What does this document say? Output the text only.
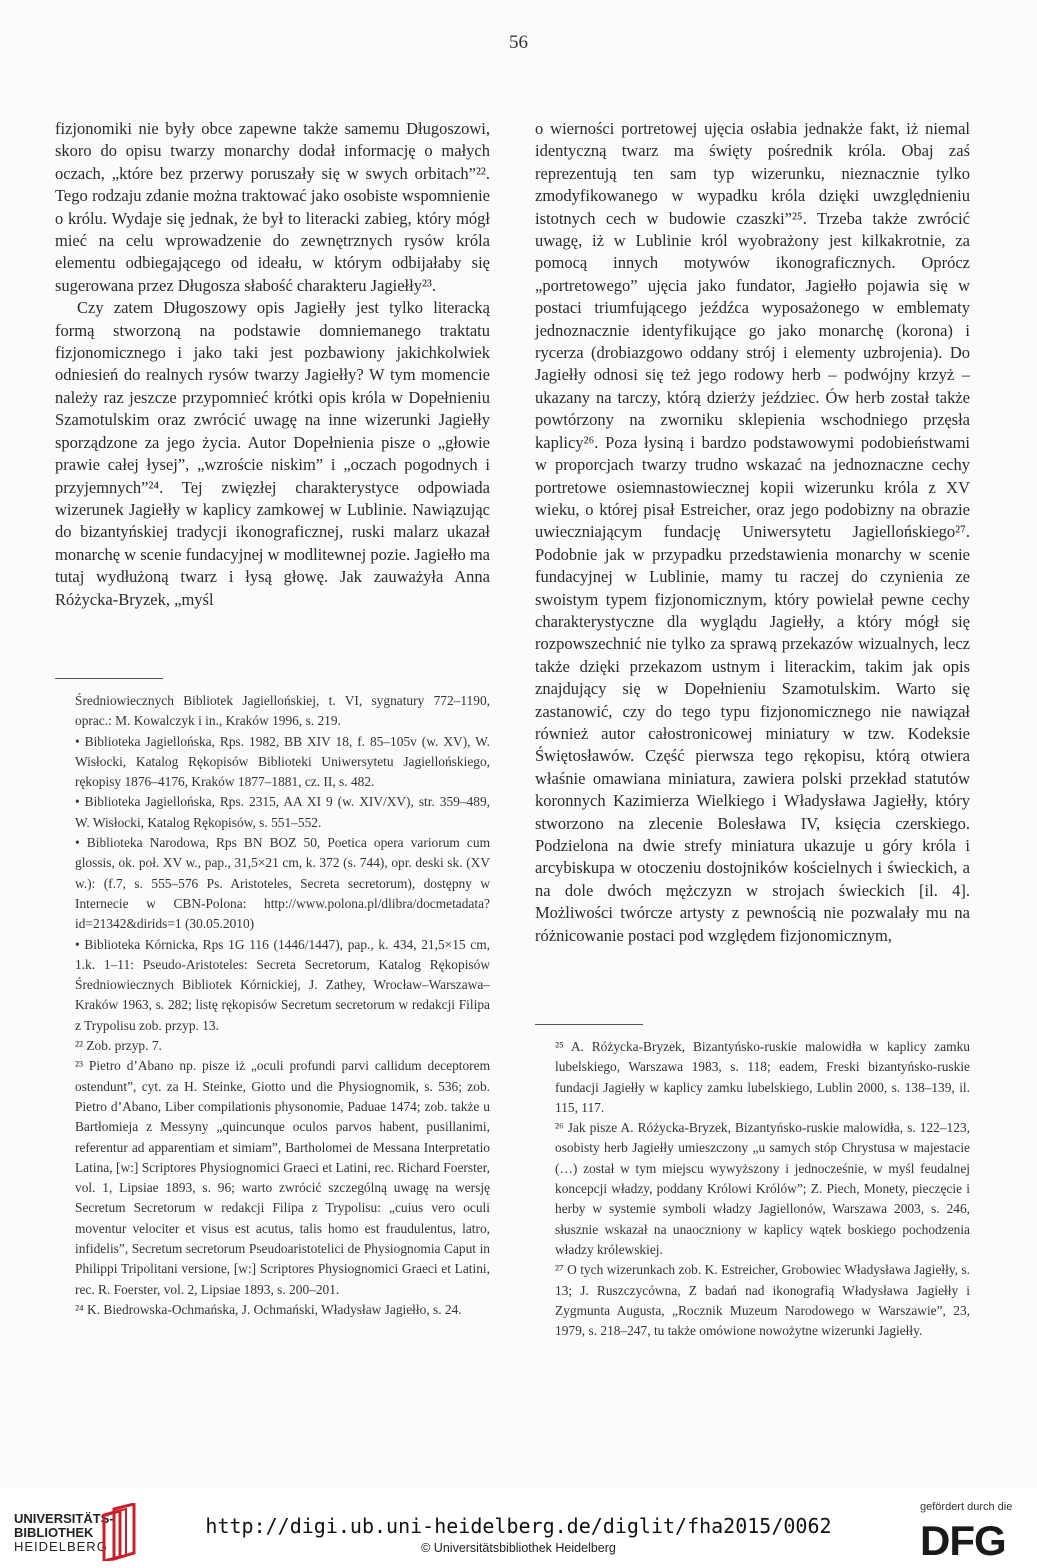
56

fizjonomiki nie były obce zapewne także samemu Długoszowi, skoro do opisu twarzy monarchy dodał informację o małych oczach, „które bez przerwy poruszały się w swych orbitach”²². Tego rodzaju zdanie można traktować jako osobiste wspomnienie o królu. Wydaje się jednak, że był to literacki zabieg, który mógł mieć na celu wprowadzenie do zewnętrznych rysów króla elementu odbiegającego od ideału, w którym odbijałaby się sugerowana przez Długosza słabość charakteru Jagiełły²³.

Czy zatem Długoszowy opis Jagiełły jest tylko literacką formą stworzoną na podstawie domniemanego traktatu fizjonomicznego i jako taki jest pozbawiony jakichkolwiek odniesień do realnych rysów twarzy Jagiełły? W tym momencie należy raz jeszcze przypomnieć krótki opis króla w Dopełnieniu Szamotulskim oraz zwrócić uwagę na inne wizerunki Jagiełły sporządzone za jego życia. Autor Dopełnienia pisze o „głowie prawie całej łysej”, „wzroście niskim” i „oczach pogodnych i przyjemnych”²⁴. Tej zwięzłej charakterystyce odpowiada wizerunek Jagiełły w kaplicy zamkowej w Lublinie. Nawiązując do bizantyńskiej tradycji ikonograficznej, ruski malarz ukazał monarchę w scenie fundacyjnej w modlitewnej pozie. Jagiełło ma tutaj wydłużoną twarz i łysą głowę. Jak zauważyła Anna Różycka-Bryzek, „myśl

Średniowiecznych Bibliotek Jagiellońskiej, t. VI, sygnatury 772–1190, oprac.: M. Kowalczyk i in., Kraków 1996, s. 219.
• Biblioteka Jagiellońska, Rps. 1982, BB XIV 18, f. 85–105v (w. XV), W. Wisłocki, Katalog Rękopisów Biblioteki Uniwersytetu Jagiellońskiego, rękopisy 1876–4176, Kraków 1877–1881, cz. II, s. 482.
• Biblioteka Jagiellońska, Rps. 2315, AA XI 9 (w. XIV/XV), str. 359–489, W. Wisłocki, Katalog Rękopisów, s. 551–552.
• Biblioteka Narodowa, Rps BN BOZ 50, Poetica opera variorum cum glossis, ok. poł. XV w., pap., 31,5×21 cm, k. 372 (s. 744), opr. deski sk. (XV w.): (f.7, s. 555–576 Ps. Aristoteles, Secreta secretorum), dostępny w Internecie w CBN-Polona: http://www.polona.pl/dlibra/docmetadata?id=21342&dirids=1 (30.05.2010)
• Biblioteka Kórnicka, Rps 1G 116 (1446/1447), pap., k. 434, 21,5×15 cm, 1.k. 1–11: Pseudo-Aristoteles: Secreta Secretorum, Katalog Rękopisów Średniowiecznych Bibliotek Kórnickiej, J. Zathey, Wrocław–Warszawa–Kraków 1963, s. 282; listę rękopisów Secretum secretorum w redakcji Filipa z Trypolisu zob. przyp. 13.
²² Zob. przyp. 7.
²³ Pietro d’Abano np. pisze iż „oculi profundi parvi callidum deceptorem ostendunt”, cyt. za H. Steinke, Giotto und die Physiognomik, s. 536; zob. Pietro d’Abano, Liber compilationis physonomie, Paduae 1474; zob. także u Bartłomieja z Messyny „quincunque oculos parvos habent, pusillanimi, referentur ad apparentiam et simiam”, Bartholomei de Messana Interpretatio Latina, [w:] Scriptores Physiognomici Graeci et Latini, rec. Richard Foerster, vol. 1, Lipsiae 1893, s. 96; warto zwrócić szczególną uwagę na wersję Secretum Secretorum w redakcji Filipa z Trypolisu: „cuius vero oculi moventur velociter et visus est acutus, talis homo est fraudulentus, latro, infidelis”, Secretum secretorum Pseudoaristotelici de Physiognomia Caput in Philippi Tripolitani versione, [w:] Scriptores Physiognomici Graeci et Latini, rec. R. Foerster, vol. 2, Lipsiae 1893, s. 200–201.
²⁴ K. Biedrowska-Ochmańska, J. Ochmański, Władysław Jagiełło, s. 24.

o wierności portretowej ujęcia osłabia jednakże fakt, iż niemal identyczną twarz ma święty pośrednik króla. Obaj zaś reprezentują ten sam typ wizerunku, nieznacznie tylko zmodyfikowanego w wypadku króla dzięki uwzględnieniu istotnych cech w budowie czaszki”²⁵. Trzeba także zwrócić uwagę, iż w Lublinie król wyobrażony jest kilkakrotnie, za pomocą innych motywów ikonograficznych. Oprócz „portretowego” ujęcia jako fundator, Jagiełło pojawia się w postaci triumfującego jeźdźca wyposażonego w emblematy jednoznacznie identyfikujące go jako monarchę (korona) i rycerza (drobiazgowo oddany strój i elementy uzbrojenia). Do Jagiełły odnosi się też jego rodowy herb – podwójny krzyż – ukazany na tarczy, którą dzierży jeździec. Ów herb został także powtórzony na zworniku sklepienia wschodniego przęsła kaplicy²⁶. Poza łysiną i bardzo podstawowymi podobieństwami w proporcjach twarzy trudno wskazać na jednoznaczne cechy portretowe osiemnastowiecznej kopii wizerunku króla z XV wieku, o której pisał Estreicher, oraz jego podobizny na obrazie uwieczniającym fundację Uniwersytetu Jagiellońskiego²⁷. Podobnie jak w przypadku przedstawienia monarchy w scenie fundacyjnej w Lublinie, mamy tu raczej do czynienia ze swoistym typem fizjonomicznym, który powielał pewne cechy charakterystyczne dla wyglądu Jagiełły, a który mógł się rozpowszechnić nie tylko za sprawą przekazów wizualnych, lecz także dzięki przekazom ustnym i literackim, takim jak opis znajdujący się w Dopełnieniu Szamotulskim. Warto się zastanowić, czy do tego typu fizjonomicznego nie nawiązał również autor całostronicowej miniatury w tzw. Kodeksie Świętosławów. Część pierwsza tego rękopisu, którą otwiera właśnie omawiana miniatura, zawiera polski przekład statutów koronnych Kazimierza Wielkiego i Władysława Jagiełły, który stworzono na zlecenie Bolesława IV, księcia czerskiego. Podzielona na dwie strefy miniatura ukazuje u góry króla i arcybiskupa w otoczeniu dostojników kościelnych i świeckich, a na dole dwóch mężczyzn w strojach świeckich [il. 4]. Możliwości twórcze artysty z pewnością nie pozwalały mu na różnicowanie postaci pod względem fizjonomicznym,

²⁵ A. Różycka-Bryzek, Bizantyńsko-ruskie malowidła w kaplicy zamku lubelskiego, Warszawa 1983, s. 118; eadem, Freski bizantyńsko-ruskie fundacji Jagiełły w kaplicy zamku lubelskiego, Lublin 2000, s. 138–139, il. 115, 117.
²⁶ Jak pisze A. Różycka-Bryzek, Bizantyńsko-ruskie malowidła, s. 122–123, osobisty herb Jagiełły umieszczony „u samych stóp Chrystusa w majestacie (…) został w tym miejscu wywyższony i jednocześnie, w myśl feudalnej koncepcji władzy, poddany Królowi Królów”; Z. Piech, Monety, pieczęcie i herby w systemie symboli władzy Jagiellonów, Warszawa 2003, s. 246, słusznie wskazał na unaoczniony w kaplicy wątek boskiego pochodzenia władzy królewskiej.
²⁷ O tych wizerunkach zob. K. Estreicher, Grobowiec Władysława Jagiełły, s. 13; J. Ruszczycówna, Z badań nad ikonografią Władysława Jagiełły i Zygmunta Augusta, „Rocznik Muzeum Narodowego w Warszawie”, 23, 1979, s. 218–247, tu także omówione nowożytne wizerunki Jagiełły.
UNIVERSITÄTS-
BIBLIOTHEK
HEIDELBERG
http://digi.ub.uni-heidelberg.de/diglit/fha2015/0062
© Universitätsbibliothek Heidelberg
gefördert durch die
DFG
